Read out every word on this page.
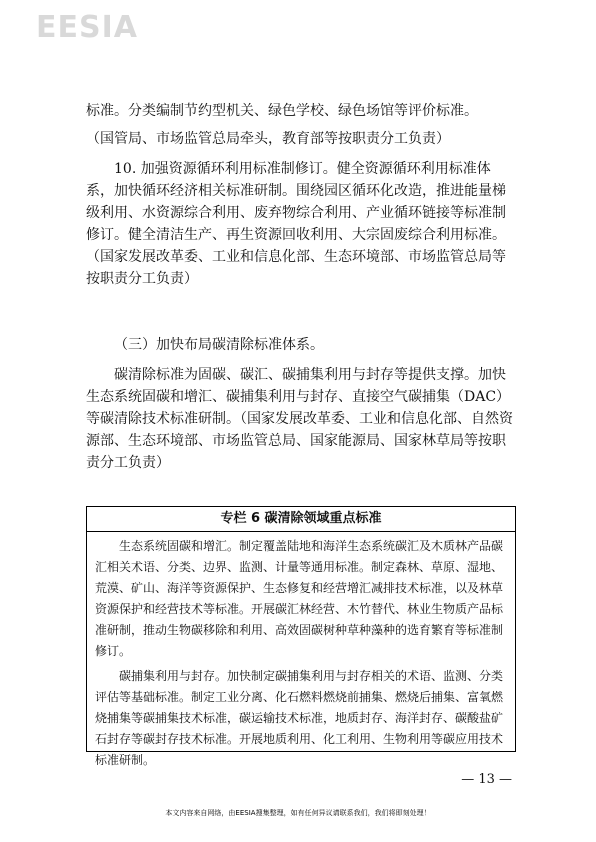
EESIA

标准。分类编制节约型机关、绿色学校、绿色场馆等评价标准。

（国管局、市场监管总局牵头，教育部等按职责分工负责）

10. 加强资源循环利用标准制修订。健全资源循环利用标准体系，加快循环经济相关标准研制。围绕园区循环化改造，推进能量梯级利用、水资源综合利用、废弃物综合利用、产业循环链接等标准制修订。健全清洁生产、再生资源回收利用、大宗固废综合利用标准。（国家发展改革委、工业和信息化部、生态环境部、市场监管总局等按职责分工负责）

（三）加快布局碳清除标准体系。

碳清除标准为固碳、碳汇、碳捕集利用与封存等提供支撑。加快生态系统固碳和增汇、碳捕集利用与封存、直接空气碳捕集（DAC）等碳清除技术标准研制。（国家发展改革委、工业和信息化部、自然资源部、生态环境部、市场监管总局、国家能源局、国家林草局等按职责分工负责）

专栏 6 碳清除领域重点标准

生态系统固碳和增汇。制定覆盖陆地和海洋生态系统碳汇及木质林产品碳汇相关术语、分类、边界、监测、计量等通用标准。制定森林、草原、湿地、荒漠、矿山、海洋等资源保护、生态修复和经营增汇减排技术标准，以及林草资源保护和经营技术等标准。开展碳汇林经营、木竹替代、林业生物质产品标准研制，推动生物碳移除和利用、高效固碳树种草种藻种的选育繁育等标准制修订。

碳捕集利用与封存。加快制定碳捕集利用与封存相关的术语、监测、分类评估等基础标准。制定工业分离、化石燃料燃烧前捕集、燃烧后捕集、富氧燃烧捕集等碳捕集技术标准，碳运输技术标准，地质封存、海洋封存、碳酸盐矿石封存等碳封存技术标准。开展地质利用、化工利用、生物利用等碳应用技术标准研制。

— 13 —
本文内容来自网络，由EESIA搜集整理，如有任何异议请联系我们，我们将即刻处理！
